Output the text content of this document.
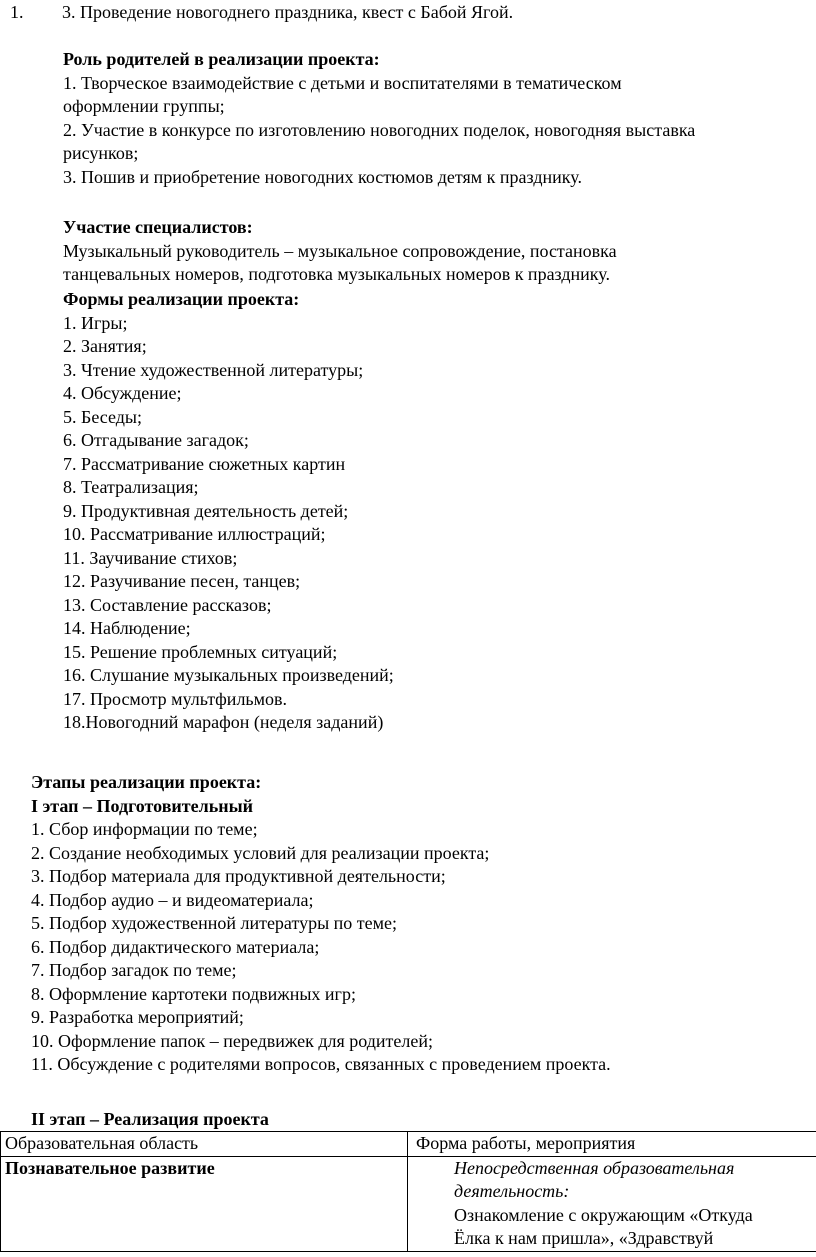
1. 3. Проведение новогоднего праздника, квест с Бабой Ягой.
Роль родителей в реализации проекта:
1. Творческое взаимодействие с детьми и воспитателями в тематическом
оформлении группы;
2. Участие в конкурсе по изготовлению новогодних поделок, новогодняя выставка
рисунков;
3. Пошив и приобретение новогодних костюмов детям к празднику.
Участие специалистов:
Музыкальный руководитель – музыкальное сопровождение, постановка
танцевальных номеров, подготовка музыкальных номеров к празднику.
Формы реализации проекта:
1. Игры;
2. Занятия;
3. Чтение художественной литературы;
4. Обсуждение;
5. Беседы;
6. Отгадывание загадок;
7. Рассматривание сюжетных картин
8. Театрализация;
9. Продуктивная деятельность детей;
10. Рассматривание иллюстраций;
11. Заучивание стихов;
12. Разучивание песен, танцев;
13. Составление рассказов;
14. Наблюдение;
15. Решение проблемных ситуаций;
16. Слушание музыкальных произведений;
17. Просмотр мультфильмов.
18.Новогодний марафон (неделя заданий)
Этапы реализации проекта:
I этап – Подготовительный
1. Сбор информации по теме;
2. Создание необходимых условий для реализации проекта;
3. Подбор материала для продуктивной деятельности;
4. Подбор аудио – и видеоматериала;
5. Подбор художественной литературы по теме;
6. Подбор дидактического материала;
7. Подбор загадок по теме;
8. Оформление картотеки подвижных игр;
9. Разработка мероприятий;
10. Оформление папок – передвижек для родителей;
11. Обсуждение с родителями вопросов, связанных с проведением проекта.
II этап – Реализация проекта
Образовательная область	Форма работы, мероприятия
Познавательное развитие	Непосредственная образовательная
деятельность:
Ознакомление с окружающим «Откуда
Ёлка к нам пришла», «Здравствуй
